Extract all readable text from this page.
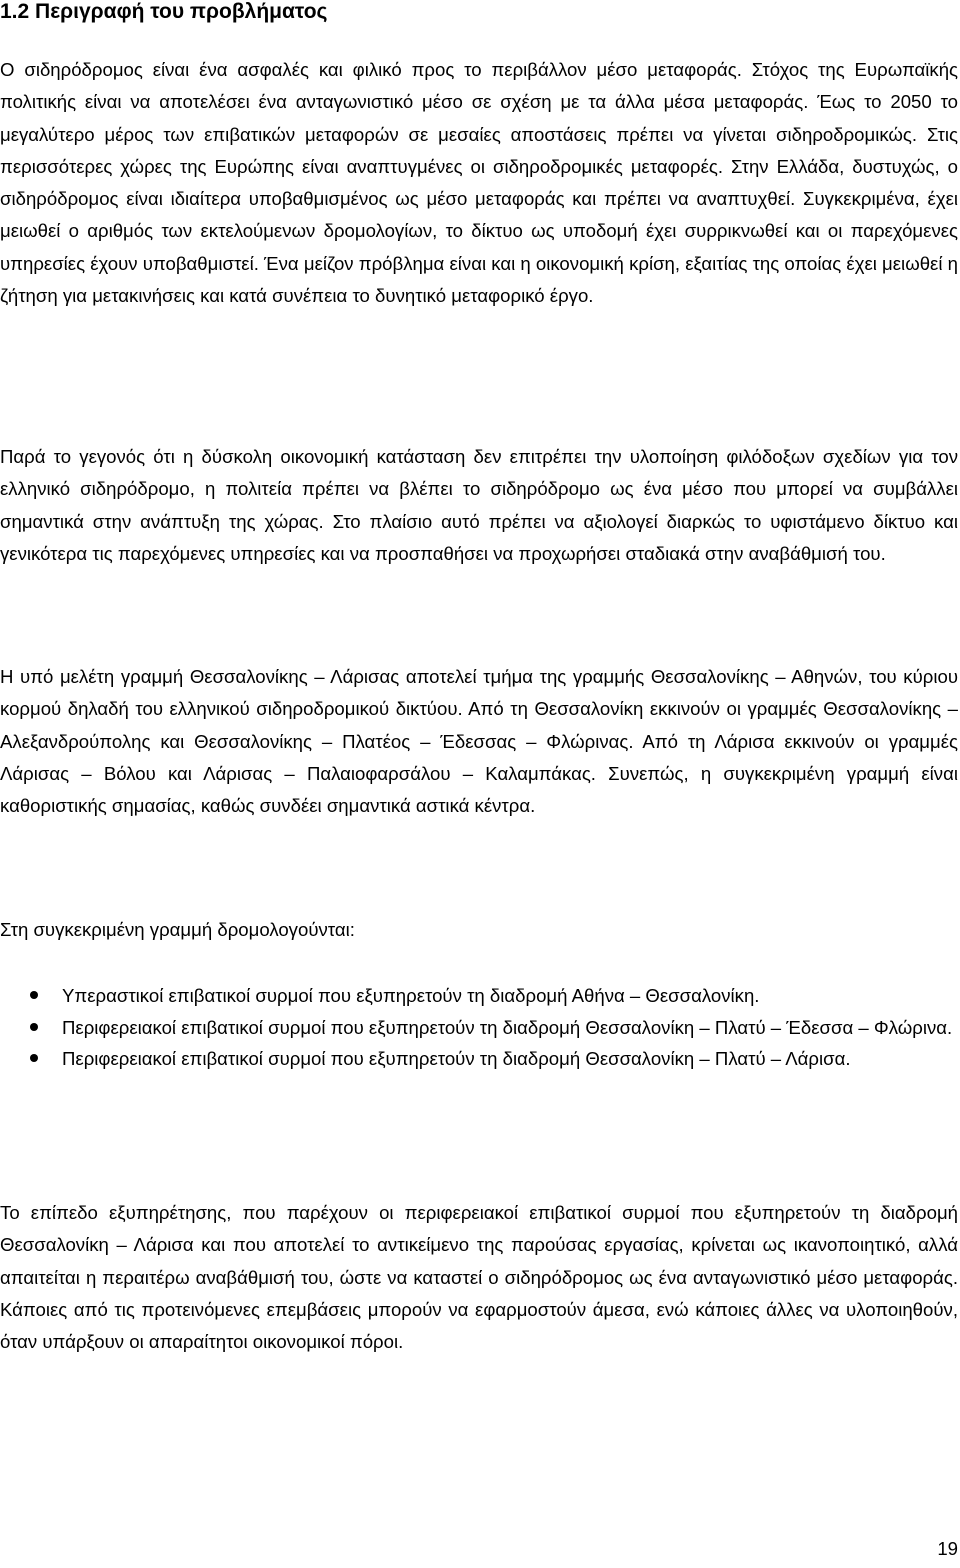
1.2 Περιγραφή του προβλήματος

Ο σιδηρόδρομος είναι ένα ασφαλές και φιλικό προς το περιβάλλον μέσο μεταφοράς. Στόχος της Ευρωπαϊκής πολιτικής είναι να αποτελέσει ένα ανταγωνιστικό μέσο σε σχέση με τα άλλα μέσα μεταφοράς. Έως το 2050 το μεγαλύτερο μέρος των επιβατικών μεταφορών σε μεσαίες αποστάσεις πρέπει να γίνεται σιδηροδρομικώς. Στις περισσότερες χώρες της Ευρώπης είναι αναπτυγμένες οι σιδηροδρομικές μεταφορές. Στην Ελλάδα, δυστυχώς, ο σιδηρόδρομος είναι ιδιαίτερα υποβαθμισμένος ως μέσο μεταφοράς και πρέπει να αναπτυχθεί. Συγκεκριμένα, έχει μειωθεί ο αριθμός των εκτελούμενων δρομολογίων, το δίκτυο ως υποδομή έχει συρρικνωθεί και οι παρεχόμενες υπηρεσίες έχουν υποβαθμιστεί. Ένα μείζον πρόβλημα είναι και η οικονομική κρίση, εξαιτίας της οποίας έχει μειωθεί η ζήτηση για μετακινήσεις και κατά συνέπεια το δυνητικό μεταφορικό έργο.

Παρά το γεγονός ότι η δύσκολη οικονομική κατάσταση δεν επιτρέπει την υλοποίηση φιλόδοξων σχεδίων για τον ελληνικό σιδηρόδρομο, η πολιτεία πρέπει να βλέπει το σιδηρόδρομο ως ένα μέσο που μπορεί να συμβάλλει σημαντικά στην ανάπτυξη της χώρας. Στο πλαίσιο αυτό πρέπει να αξιολογεί διαρκώς το υφιστάμενο δίκτυο και γενικότερα τις παρεχόμενες υπηρεσίες και να προσπαθήσει να προχωρήσει σταδιακά στην αναβάθμισή του.

Η υπό μελέτη γραμμή Θεσσαλονίκης – Λάρισας αποτελεί τμήμα της γραμμής Θεσσαλονίκης – Αθηνών, του κύριου κορμού δηλαδή του ελληνικού σιδηροδρομικού δικτύου. Από τη Θεσσαλονίκη εκκινούν οι γραμμές Θεσσαλονίκης – Αλεξανδρούπολης και Θεσσαλονίκης – Πλατέος – Έδεσσας – Φλώρινας. Από τη Λάρισα εκκινούν οι γραμμές Λάρισας – Βόλου και Λάρισας – Παλαιοφαρσάλου – Καλαμπάκας. Συνεπώς, η συγκεκριμένη γραμμή είναι καθοριστικής σημασίας, καθώς συνδέει σημαντικά αστικά κέντρα.

Στη συγκεκριμένη γραμμή δρομολογούνται:

Υπεραστικοί επιβατικοί συρμοί που εξυπηρετούν τη διαδρομή Αθήνα – Θεσσαλονίκη.
Περιφερειακοί επιβατικοί συρμοί που εξυπηρετούν τη διαδρομή Θεσσαλονίκη – Πλατύ – Έδεσσα – Φλώρινα.
Περιφερειακοί επιβατικοί συρμοί που εξυπηρετούν τη διαδρομή Θεσσαλονίκη – Πλατύ – Λάρισα.

Το επίπεδο εξυπηρέτησης, που παρέχουν οι περιφερειακοί επιβατικοί συρμοί που εξυπηρετούν τη διαδρομή Θεσσαλονίκη – Λάρισα και που αποτελεί το αντικείμενο της παρούσας εργασίας, κρίνεται ως ικανοποιητικό, αλλά απαιτείται η περαιτέρω αναβάθμισή του, ώστε να καταστεί ο σιδηρόδρομος ως ένα ανταγωνιστικό μέσο μεταφοράς. Κάποιες από τις προτεινόμενες επεμβάσεις μπορούν να εφαρμοστούν άμεσα, ενώ κάποιες άλλες να υλοποιηθούν, όταν υπάρξουν οι απαραίτητοι οικονομικοί πόροι.

19
